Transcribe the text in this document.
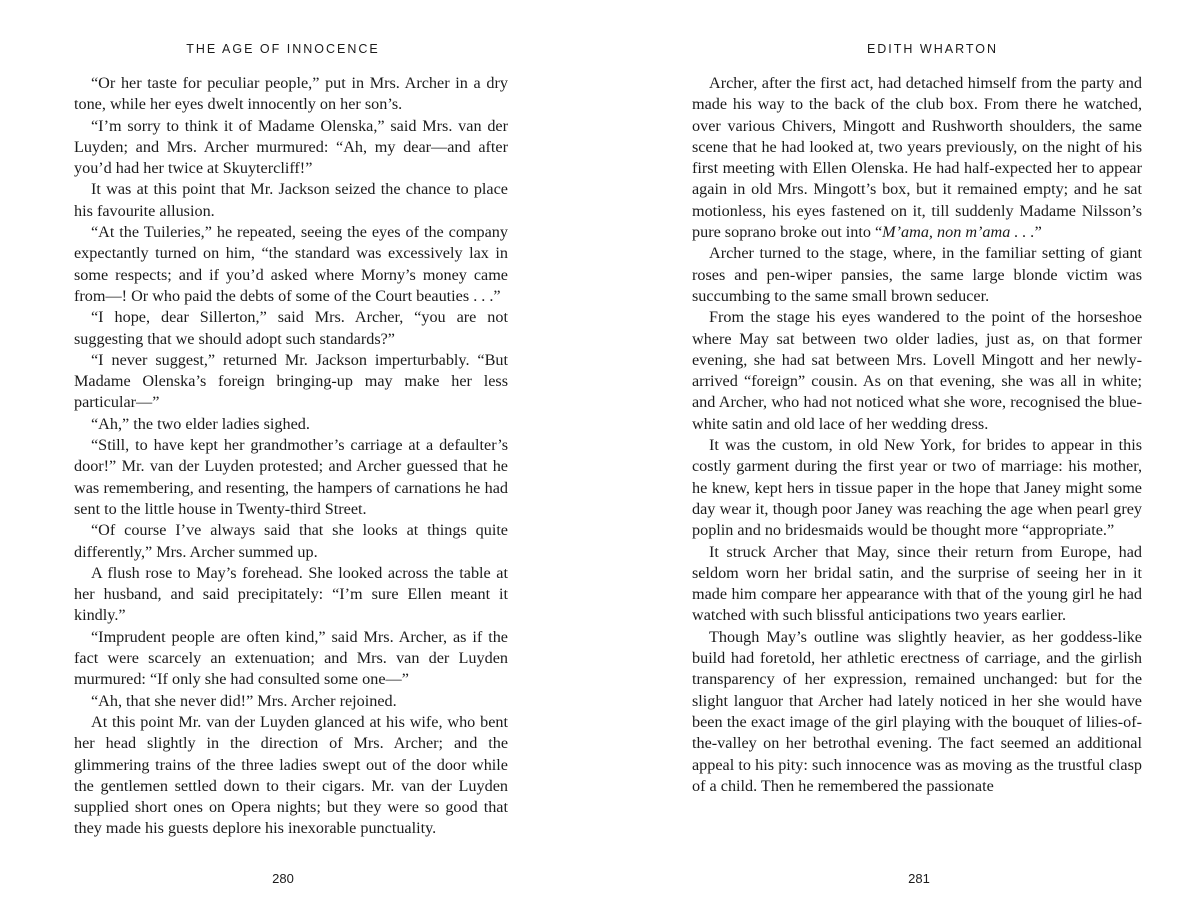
THE AGE OF INNOCENCE

“Or her taste for peculiar people,” put in Mrs. Archer in a dry tone, while her eyes dwelt innocently on her son’s.

“I’m sorry to think it of Madame Olenska,” said Mrs. van der Luyden; and Mrs. Archer murmured: “Ah, my dear—and after you’d had her twice at Skuytercliff!”

It was at this point that Mr. Jackson seized the chance to place his favourite allusion.

“At the Tuileries,” he repeated, seeing the eyes of the company expectantly turned on him, “the standard was excessively lax in some respects; and if you’d asked where Morny’s money came from—! Or who paid the debts of some of the Court beauties . . .”

“I hope, dear Sillerton,” said Mrs. Archer, “you are not suggesting that we should adopt such standards?”

“I never suggest,” returned Mr. Jackson imperturbably. “But Madame Olenska’s foreign bringing-up may make her less particular—”

“Ah,” the two elder ladies sighed.

“Still, to have kept her grandmother’s carriage at a defaulter’s door!” Mr. van der Luyden protested; and Archer guessed that he was remembering, and resenting, the hampers of carnations he had sent to the little house in Twenty-third Street.

“Of course I’ve always said that she looks at things quite differently,” Mrs. Archer summed up.

A flush rose to May’s forehead. She looked across the table at her husband, and said precipitately: “I’m sure Ellen meant it kindly.”

“Imprudent people are often kind,” said Mrs. Archer, as if the fact were scarcely an extenuation; and Mrs. van der Luyden murmured: “If only she had consulted some one—”

“Ah, that she never did!” Mrs. Archer rejoined.

At this point Mr. van der Luyden glanced at his wife, who bent her head slightly in the direction of Mrs. Archer; and the glimmering trains of the three ladies swept out of the door while the gentlemen settled down to their cigars. Mr. van der Luyden supplied short ones on Opera nights; but they were so good that they made his guests deplore his inexorable punctuality.

280
EDITH WHARTON

Archer, after the first act, had detached himself from the party and made his way to the back of the club box. From there he watched, over various Chivers, Mingott and Rushworth shoulders, the same scene that he had looked at, two years previously, on the night of his first meeting with Ellen Olenska. He had half-expected her to appear again in old Mrs. Mingott’s box, but it remained empty; and he sat motionless, his eyes fastened on it, till suddenly Madame Nilsson’s pure soprano broke out into “M’ama, non m’ama . . .”

Archer turned to the stage, where, in the familiar setting of giant roses and pen-wiper pansies, the same large blonde victim was succumbing to the same small brown seducer.

From the stage his eyes wandered to the point of the horseshoe where May sat between two older ladies, just as, on that former evening, she had sat between Mrs. Lovell Mingott and her newly-arrived “foreign” cousin. As on that evening, she was all in white; and Archer, who had not noticed what she wore, recognised the blue-white satin and old lace of her wedding dress.

It was the custom, in old New York, for brides to appear in this costly garment during the first year or two of marriage: his mother, he knew, kept hers in tissue paper in the hope that Janey might some day wear it, though poor Janey was reaching the age when pearl grey poplin and no bridesmaids would be thought more “appropriate.”

It struck Archer that May, since their return from Europe, had seldom worn her bridal satin, and the surprise of seeing her in it made him compare her appearance with that of the young girl he had watched with such blissful anticipations two years earlier.

Though May’s outline was slightly heavier, as her goddess-like build had foretold, her athletic erectness of carriage, and the girlish transparency of her expression, remained unchanged: but for the slight languor that Archer had lately noticed in her she would have been the exact image of the girl playing with the bouquet of lilies-of-the-valley on her betrothal evening. The fact seemed an additional appeal to his pity: such innocence was as moving as the trustful clasp of a child. Then he remembered the passionate

281
